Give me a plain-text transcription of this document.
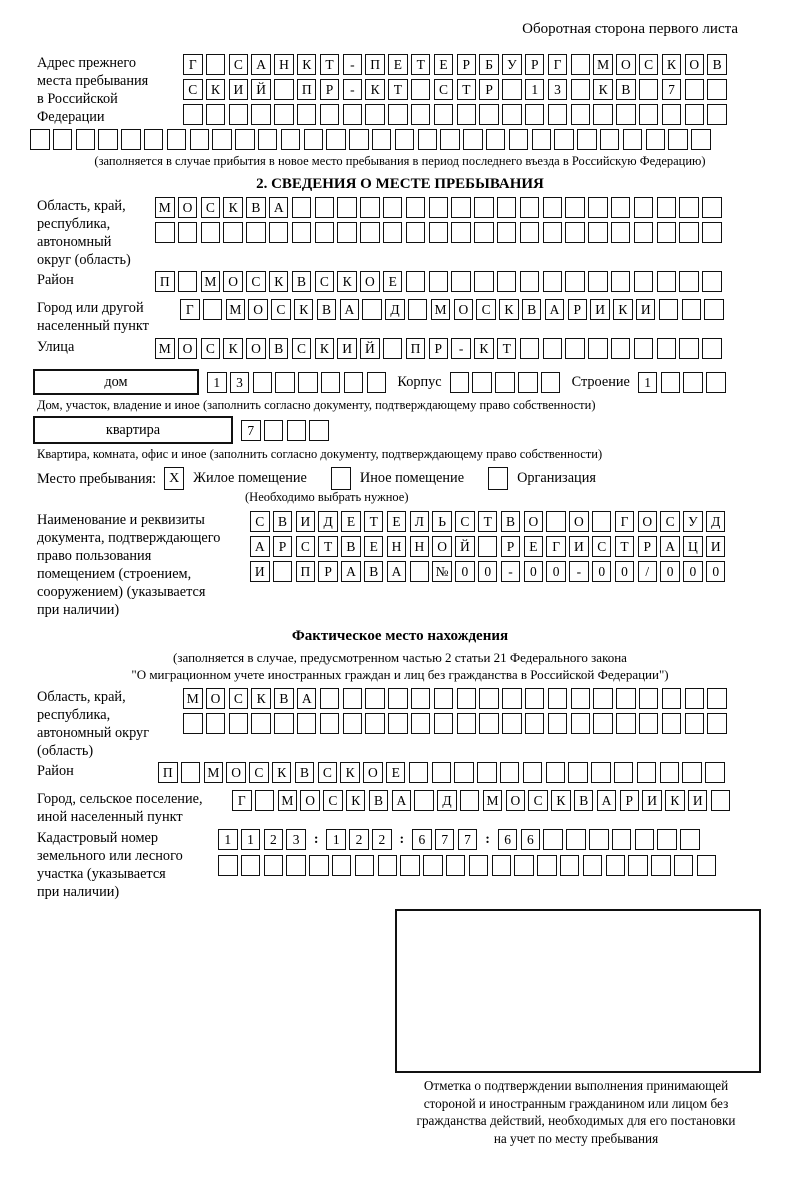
Оборотная сторона первого листа
Адрес прежнего
места пребывания
в Российской
Федерации
Г	С А Н К	Т	-	П	Е	Т	Е	Р	Б	У	Р	Г	М О С	К О В
С	К И Й	П	Р	-	К	Т	С	Т	Р	1	3	К	В	7
(заполняется в случае прибытия в новое место пребывания в период последнего въезда в Российскую Федерацию)
2. СВЕДЕНИЯ О МЕСТЕ ПРЕБЫВАНИЯ
Область, край,
республика,
автономный
округ (область)
М О С	К	В А
Район	П	М О С	К	В	С	К О	Е
Город или другой
населенный пункт
Г	М О С	К	В А	Д	М О С	К	В А	Р	И К И
Улица	М О С	К О В	С	К И Й	П	Р	-	К	Т
дом	1	3	Корпус	Строение	1
Дом, участок, владение и иное (заполнить согласно документу, подтверждающему право собственности)
квартира	7
Квартира, комната, офис и иное (заполнить согласно документу, подтверждающему право собственности)
Место пребывания: X Жилое помещение	Иное помещение	Организация
(Необходимо выбрать нужное)
Наименование и реквизиты
документа, подтверждающего
право пользования
помещением (строением,
сооружением) (указывается
при наличии)
С	В И Д	Е	Т	Е	Л	Ь	С	Т	В О	О	Г	О С	У Д
А	Р	С	Т	В	Е	Н Н О Й	Р	Е	Г	И С	Т	Р	А Ц И
И	П	Р	А В А	№ 0	0	-	0	0	-	0	0	/	0	0	0
Фактическое место нахождения
(заполняется в случае, предусмотренном частью 2 статьи 21 Федерального закона
"О миграционном учете иностранных граждан и лиц без гражданства в Российской Федерации")
Область, край,
республика,
автономный округ
(область)
М О С	К	В А
Район	П	М О С	К	В	С	К О	Е
Город, сельское поселение,
иной населенный пункт
Г	М О С	К	В А	Д	М О С	К	В А	Р	И К И
Кадастровый номер
земельного или лесного
участка (указывается
при наличии)
1	1	2	3	:	1	2	2	:	6	7	7	:	6	6
Отметка о подтверждении выполнения принимающей
стороной и иностранным гражданином или лицом без
гражданства действий, необходимых для его постановки
на учет по месту пребывания
